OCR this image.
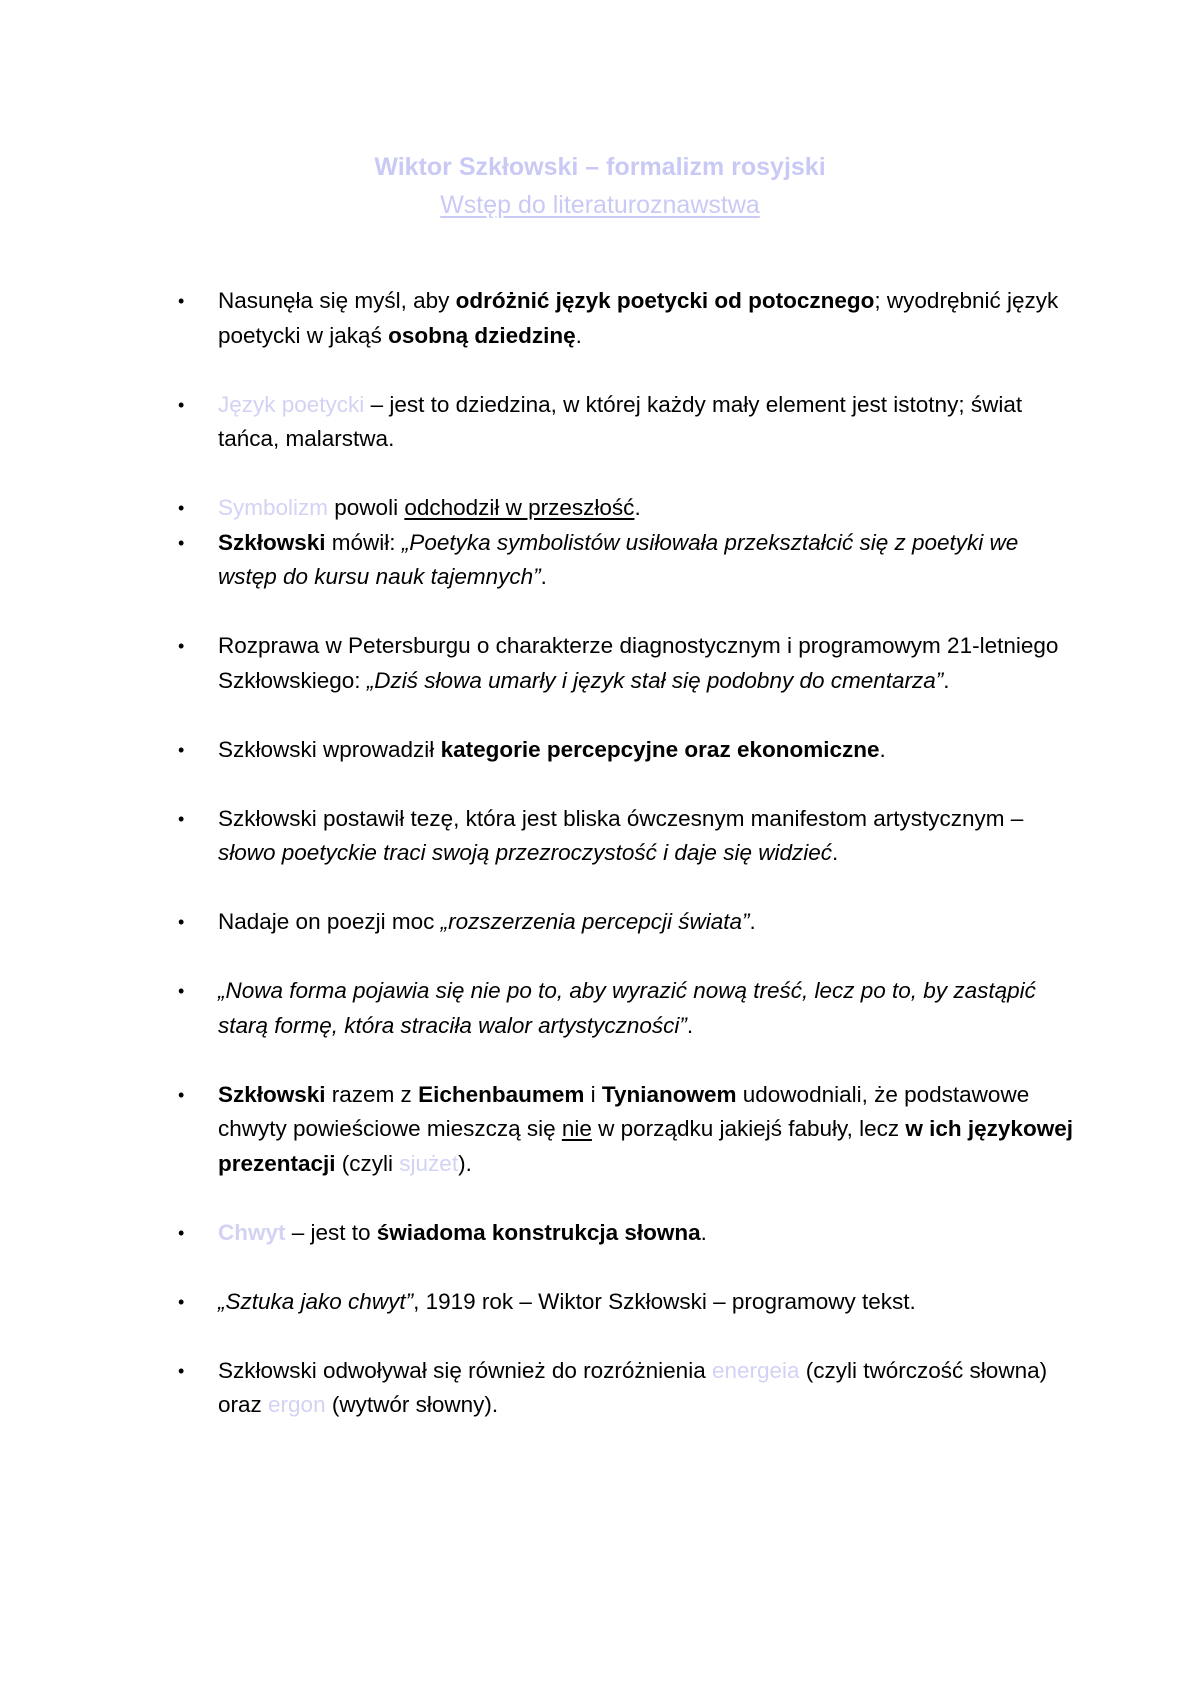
Wiktor Szkłowski – formalizm rosyjski

Wstęp do literaturoznawstwa

•	Nasunęła się myśl, aby odróżnić język poetycki od potocznego; wyodrębnić język poetycki w jakąś osobną dziedzinę.
•	Język poetycki – jest to dziedzina, w której każdy mały element jest istotny; świat tańca, malarstwa.
•	Symbolizm powoli odchodził w przeszłość.
•	Szkłowski mówił: „Poetyka symbolistów usiłowała przekształcić się z poetyki we wstęp do kursu nauk tajemnych”.
•	Rozprawa w Petersburgu o charakterze diagnostycznym i programowym 21-letniego Szkłowskiego: „Dziś słowa umarły i język stał się podobny do cmentarza”.
•	Szkłowski wprowadził kategorie percepcyjne oraz ekonomiczne.
•	Szkłowski postawił tezę, która jest bliska ówczesnym manifestom artystycznym – słowo poetyckie traci swoją przezroczystość i daje się widzieć.
•	Nadaje on poezji moc „rozszerzenia percepcji świata”.
•	„Nowa forma pojawia się nie po to, aby wyrazić nową treść, lecz po to, by zastąpić starą formę, która straciła walor artystyczności”.
•	Szkłowski razem z Eichenbaumem i Tynianowem udowodniali, że podstawowe chwyty powieściowe mieszczą się nie w porządku jakiejś fabuły, lecz w ich językowej prezentacji (czyli sjużet).
•	Chwyt – jest to świadoma konstrukcja słowna.
•	„Sztuka jako chwyt”, 1919 rok – Wiktor Szkłowski – programowy tekst.
•	Szkłowski odwoływał się również do rozróżnienia energeia (czyli twórczość słowna) oraz ergon (wytwór słowny).
